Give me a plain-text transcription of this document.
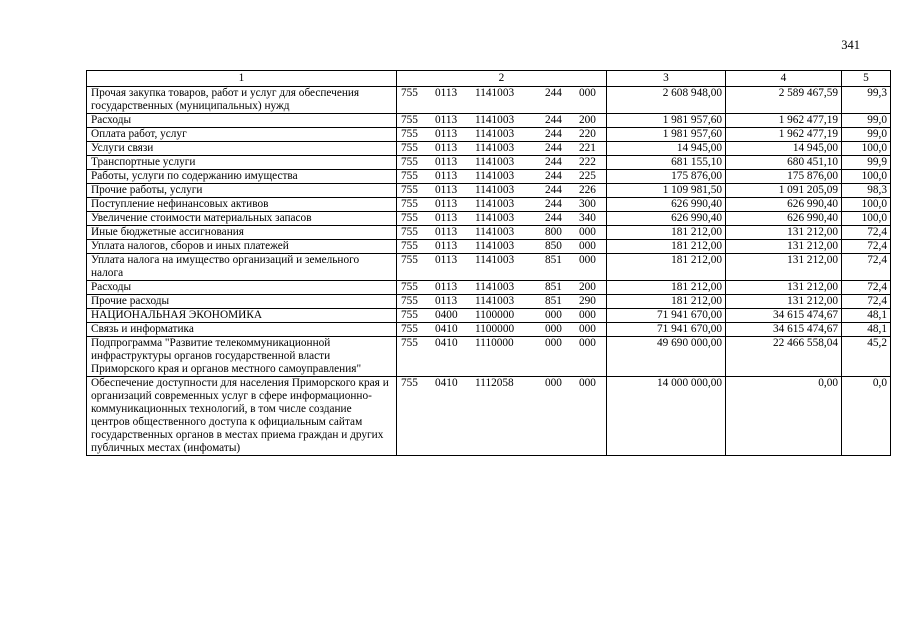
341
1	2	3	4	5
Прочая закупка товаров, работ и услуг для обеспечения государственных (муниципальных) нужд	755 0113 1141003 244 000	2 608 948,00	2 589 467,59	99,3
Расходы	755 0113 1141003 244 200	1 981 957,60	1 962 477,19	99,0
Оплата работ, услуг	755 0113 1141003 244 220	1 981 957,60	1 962 477,19	99,0
Услуги связи	755 0113 1141003 244 221	14 945,00	14 945,00	100,0
Транспортные услуги	755 0113 1141003 244 222	681 155,10	680 451,10	99,9
Работы, услуги по содержанию имущества	755 0113 1141003 244 225	175 876,00	175 876,00	100,0
Прочие работы, услуги	755 0113 1141003 244 226	1 109 981,50	1 091 205,09	98,3
Поступление нефинансовых активов	755 0113 1141003 244 300	626 990,40	626 990,40	100,0
Увеличение стоимости материальных запасов	755 0113 1141003 244 340	626 990,40	626 990,40	100,0
Иные бюджетные ассигнования	755 0113 1141003 800 000	181 212,00	131 212,00	72,4
Уплата налогов, сборов и иных платежей	755 0113 1141003 850 000	181 212,00	131 212,00	72,4
Уплата налога на имущество организаций и земельного налога	755 0113 1141003 851 000	181 212,00	131 212,00	72,4
Расходы	755 0113 1141003 851 200	181 212,00	131 212,00	72,4
Прочие расходы	755 0113 1141003 851 290	181 212,00	131 212,00	72,4
НАЦИОНАЛЬНАЯ ЭКОНОМИКА	755 0400 1100000 000 000	71 941 670,00	34 615 474,67	48,1
Связь и информатика	755 0410 1100000 000 000	71 941 670,00	34 615 474,67	48,1
Подпрограмма "Развитие телекоммуникационной инфраструктуры органов государственной власти Приморского края и органов местного самоуправления"	755 0410 1110000 000 000	49 690 000,00	22 466 558,04	45,2
Обеспечение доступности для населения Приморского края и организаций современных услуг в сфере информационно-коммуникационных технологий, в том числе создание центров общественного доступа к официальным сайтам государственных органов в местах приема граждан и других публичных местах (инфоматы)	755 0410 1112058 000 000	14 000 000,00	0,00	0,0
